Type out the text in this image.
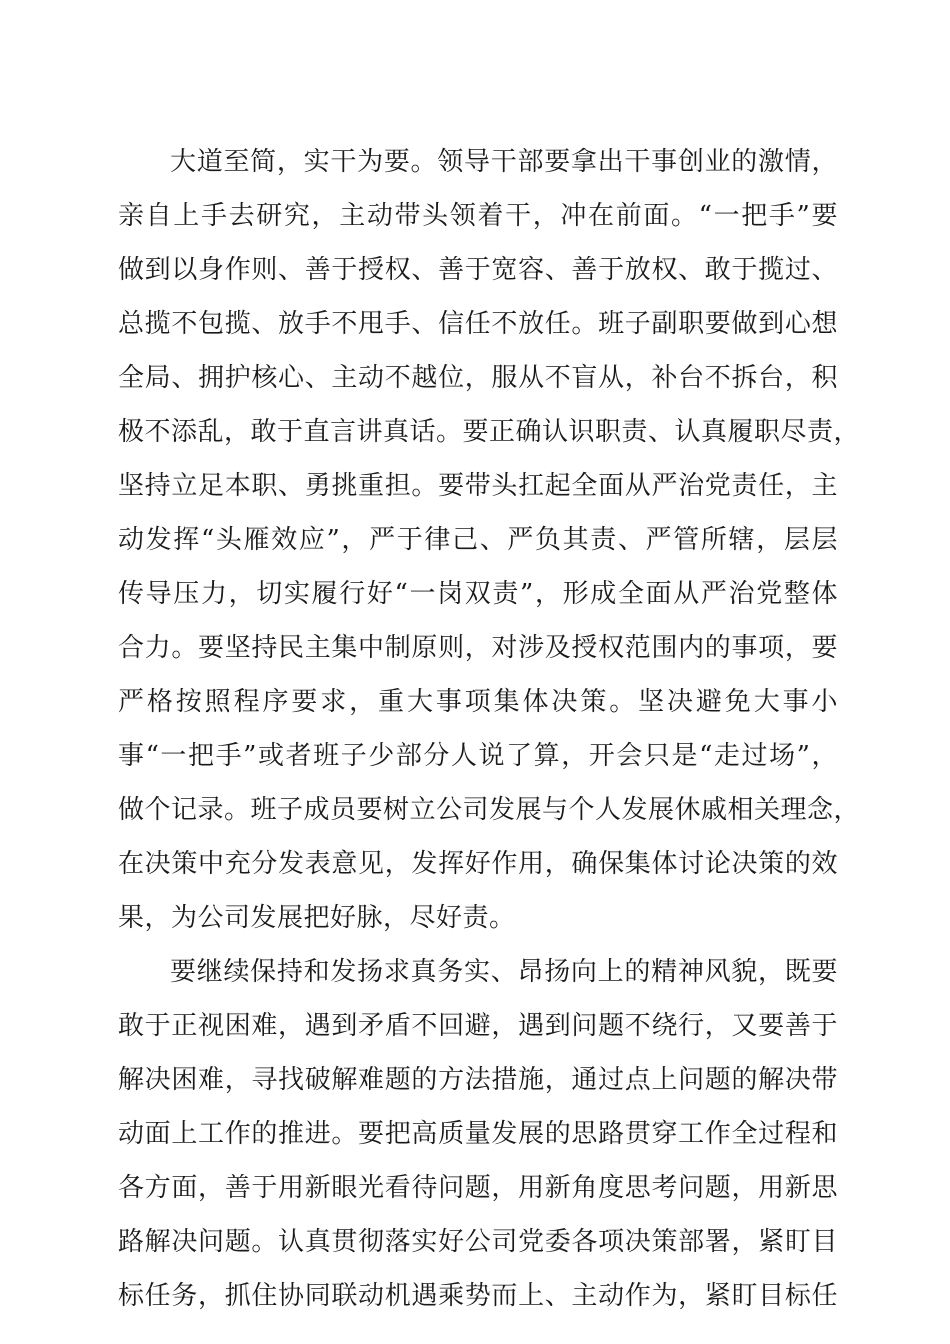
大道至简，实干为要。领导干部要拿出干事创业的激情，
亲自上手去研究，主动带头领着干，冲在前面。“一把手”要
做到以身作则、善于授权、善于宽容、善于放权、敢于揽过、
总揽不包揽、放手不甩手、信任不放任。班子副职要做到心想
全局、拥护核心、主动不越位，服从不盲从，补台不拆台，积
极不添乱，敢于直言讲真话。要正确认识职责、认真履职尽责，
坚持立足本职、勇挑重担。要带头扛起全面从严治党责任，主
动发挥“头雁效应”，严于律己、严负其责、严管所辖，层层
传导压力，切实履行好“一岗双责”，形成全面从严治党整体
合力。要坚持民主集中制原则，对涉及授权范围内的事项，要
严格按照程序要求，重大事项集体决策。坚决避免大事小
事“一把手”或者班子少部分人说了算，开会只是“走过场”，
做个记录。班子成员要树立公司发展与个人发展休戚相关理念，
在决策中充分发表意见，发挥好作用，确保集体讨论决策的效
果，为公司发展把好脉，尽好责。
要继续保持和发扬求真务实、昂扬向上的精神风貌，既要
敢于正视困难，遇到矛盾不回避，遇到问题不绕行，又要善于
解决困难，寻找破解难题的方法措施，通过点上问题的解决带
动面上工作的推进。要把高质量发展的思路贯穿工作全过程和
各方面，善于用新眼光看待问题，用新角度思考问题，用新思
路解决问题。认真贯彻落实好公司党委各项决策部署，紧盯目
标任务，抓住协同联动机遇乘势而上、主动作为，紧盯目标任
